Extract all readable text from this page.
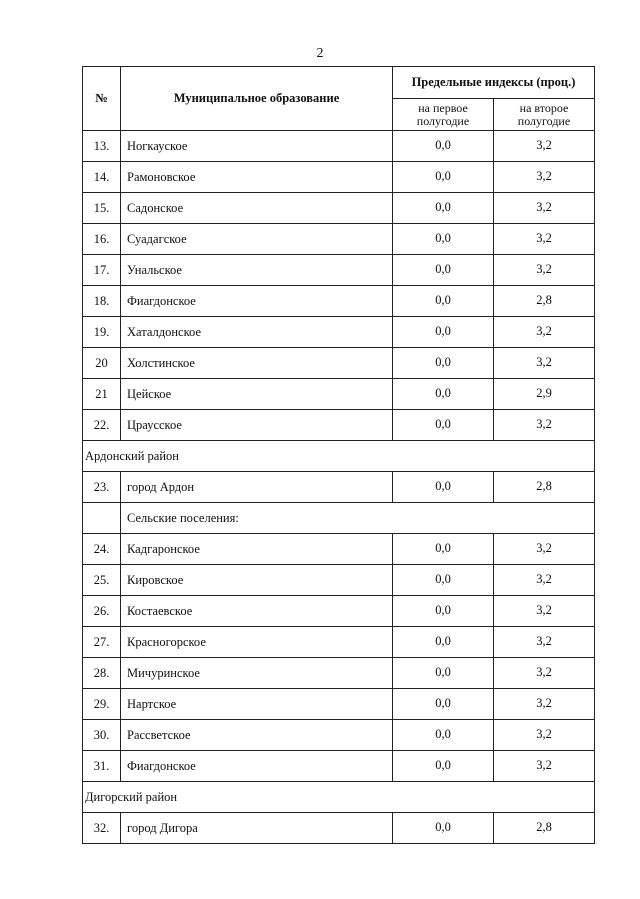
2
№	Муниципальное образование	Предельные индексы (проц.)	
		на первое полугодие	на второе полугодие
13.	Ногкауское	0,0	3,2
14.	Рамоновское	0,0	3,2
15.	Садонское	0,0	3,2
16.	Суадагское	0,0	3,2
17.	Унальское	0,0	3,2
18.	Фиагдонское	0,0	2,8
19.	Хаталдонское	0,0	3,2
20	Холстинское	0,0	3,2
21	Цейское	0,0	2,9
22.	Цраусское	0,0	3,2
Ардонский район			
23.	город Ардон	0,0	2,8
	Сельские поселения:		
24.	Кадгаронское	0,0	3,2
25.	Кировское	0,0	3,2
26.	Костаевское	0,0	3,2
27.	Красногорское	0,0	3,2
28.	Мичуринское	0,0	3,2
29.	Нартское	0,0	3,2
30.	Рассветское	0,0	3,2
31.	Фиагдонское	0,0	3,2
Дигорский район			
32.	город Дигора	0,0	2,8
